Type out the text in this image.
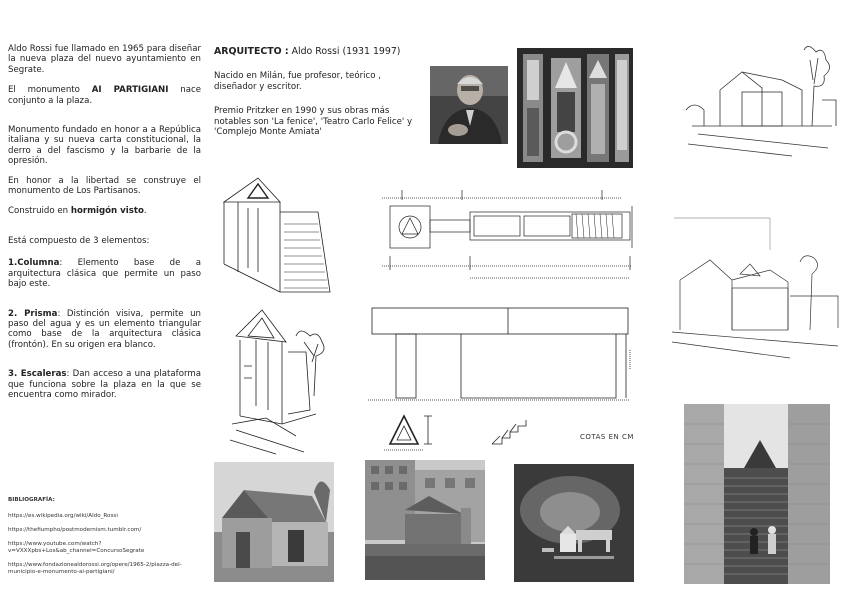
Aldo Rossi fue llamado en 1965 para diseñar la nueva plaza del nuevo ayuntamiento en Segrate.

El monumento AI PARTIGIANI nace conjunto a la plaza.

Monumento fundado en honor a a República italiana y su nueva carta constitucional, la derro a del fascismo y la barbarie de la opresión.

En honor a la libertad se construye el monumento de Los Partisanos.

Construido en hormigón visto.

Está compuesto de 3 elementos:

1.Columna: Elemento base de a arquitectura clásica que permite un paso bajo este.

2. Prisma: Distinción visiva, permite un paso del agua y es un elemento triangular como base de la arquitectura clásica (frontón). En su origen era blanco.

3. Escaleras: Dan acceso a una plataforma que funciona sobre la plaza en la que se encuentra como mirador.

BIBLIOGRAFÍA:
https://es.wikipedia.org/wiki/Aldo_Rossi
https://thefiumpho/postmodernism.tumblr.com/
https://www.youtube.com/watch?v=VXXXpbs+Los&ab_channel=ConcursoSegrate
https://www.fondazionealdorossi.org/opere/1965-2/piazza-del-municipio-e-monumento-ai-partigiani/

ARQUITECTO : Aldo Rossi (1931 1997)

Nacido en Milán, fue profesor, teórico , diseñador y escritor.

Premio Pritzker en 1990 y sus obras más notables son 'La fenice', 'Teatro Carlo Felice' y 'Complejo Monte Amiata'

COTAS EN CM
